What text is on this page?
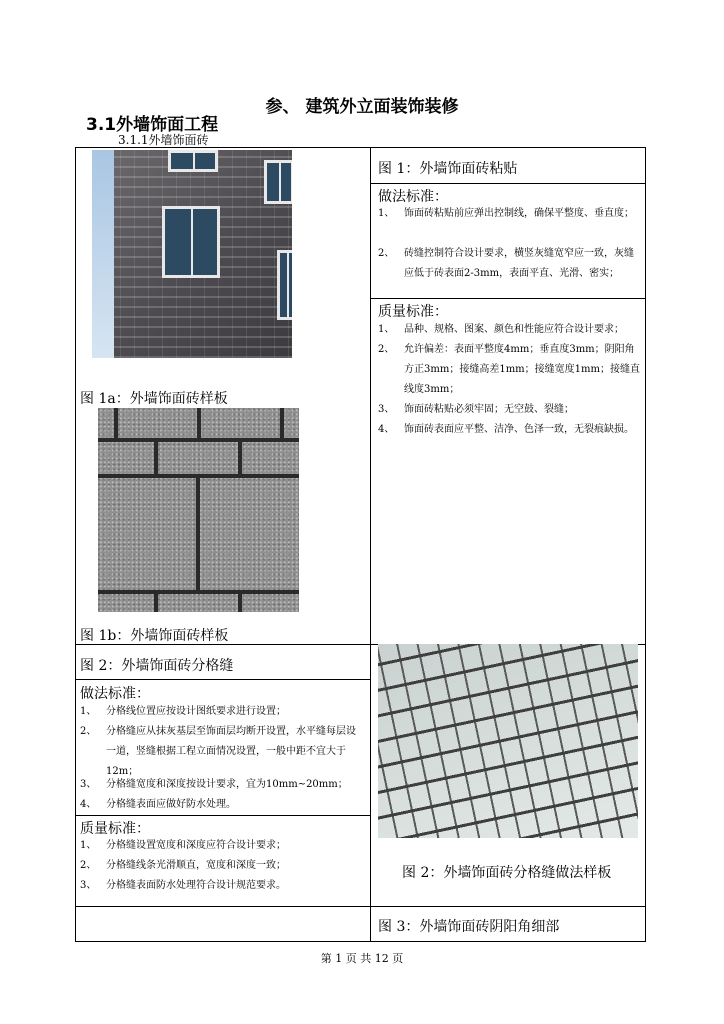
参、 建筑外立面装饰装修
3.1外墙饰面工程
3.1.1外墙饰面砖
图 1a：外墙饰面砖样板
图 1b：外墙饰面砖样板
图 1：外墙饰面砖粘贴
做法标准：
1、 饰面砖粘贴前应弹出控制线，确保平整度、垂直度；
2、 砖缝控制符合设计要求，横竖灰缝宽窄应一致，灰缝应低于砖表面2-3mm，表面平直、光滑、密实；
质量标准：
1、 品种、规格、图案、颜色和性能应符合设计要求；
2、 允许偏差：表面平整度4mm；垂直度3mm；阴阳角方正3mm；接缝高差1mm；接缝宽度1mm；接缝直线度3mm；
3、 饰面砖粘贴必须牢固；无空鼓、裂缝；
4、 饰面砖表面应平整、洁净、色泽一致，无裂痕缺损。
图 2：外墙饰面砖分格缝
做法标准：
1、 分格线位置应按设计图纸要求进行设置；
2、 分格缝应从抹灰基层至饰面层均断开设置，水平缝每层设一道，竖缝根据工程立面情况设置，一般中距不宜大于12m；
3、 分格缝宽度和深度按设计要求，宜为10mm~20mm；
4、 分格缝表面应做好防水处理。
质量标准：
1、 分格缝设置宽度和深度应符合设计要求；
2、 分格缝线条光滑顺直，宽度和深度一致；
3、 分格缝表面防水处理符合设计规范要求。
图 2：外墙饰面砖分格缝做法样板
图 3：外墙饰面砖阴阳角细部
第 1 页 共 12 页
